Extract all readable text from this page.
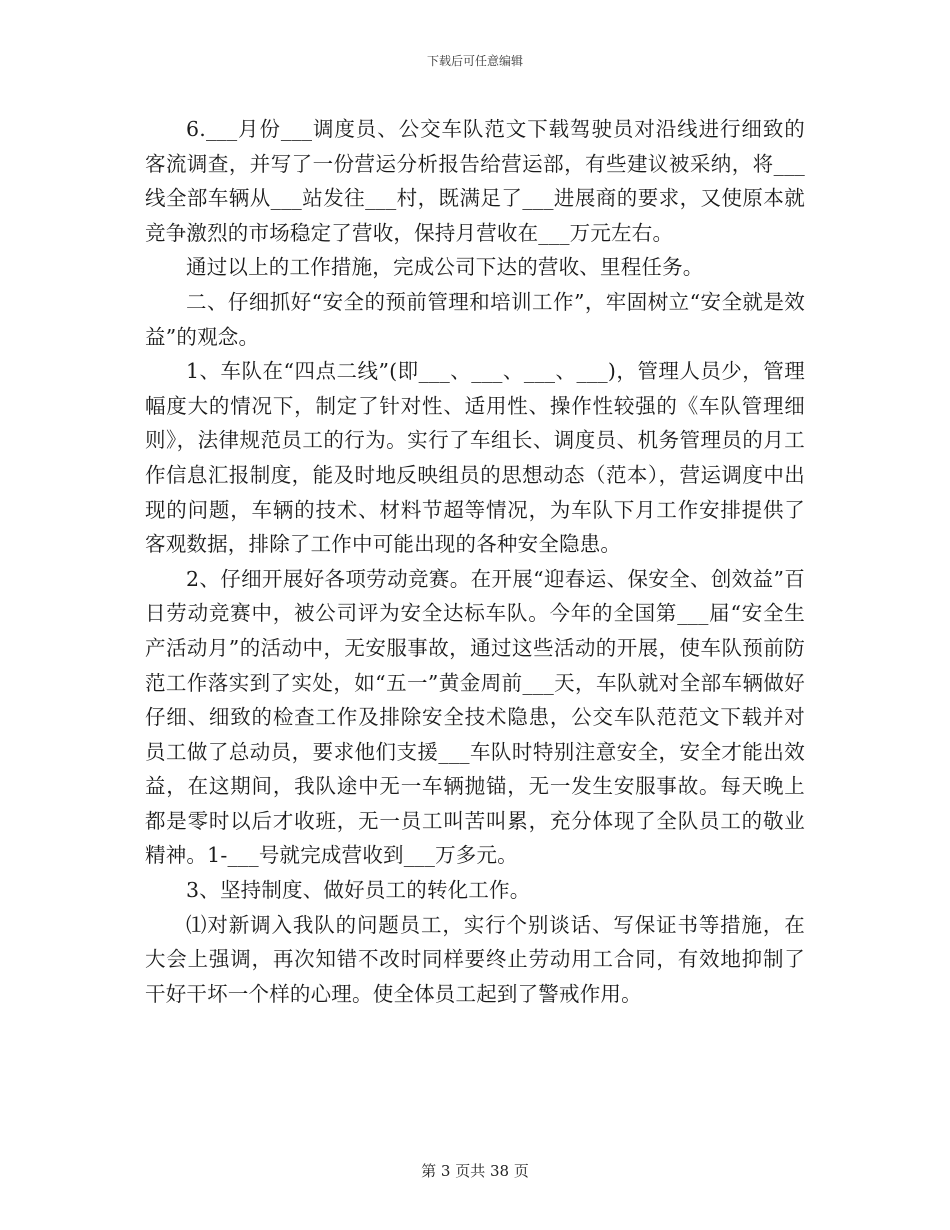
下载后可任意编辑

6.___月份___调度员、公交车队范文下载驾驶员对沿线进行细致的客流调查，并写了一份营运分析报告给营运部，有些建议被采纳，将___线全部车辆从___站发往___村，既满足了___进展商的要求，又使原本就竞争激烈的市场稳定了营收，保持月营收在___万元左右。

通过以上的工作措施，完成公司下达的营收、里程任务。

二、仔细抓好“安全的预前管理和培训工作”，牢固树立“安全就是效益”的观念。

1、车队在“四点二线”(即___、___、___、___)，管理人员少，管理幅度大的情况下，制定了针对性、适用性、操作性较强的《车队管理细则》，法律规范员工的行为。实行了车组长、调度员、机务管理员的月工作信息汇报制度，能及时地反映组员的思想动态（范本），营运调度中出现的问题，车辆的技术、材料节超等情况，为车队下月工作安排提供了客观数据，排除了工作中可能出现的各种安全隐患。

2、仔细开展好各项劳动竞赛。在开展“迎春运、保安全、创效益”百日劳动竞赛中，被公司评为安全达标车队。今年的全国第___届“安全生产活动月”的活动中，无安服事故，通过这些活动的开展，使车队预前防范工作落实到了实处，如“五一”黄金周前___天，车队就对全部车辆做好仔细、细致的检查工作及排除安全技术隐患，公交车队范范文下载并对员工做了总动员，要求他们支援___车队时特别注意安全，安全才能出效益，在这期间，我队途中无一车辆抛锚，无一发生安服事故。每天晚上都是零时以后才收班，无一员工叫苦叫累，充分体现了全队员工的敬业精神。1-___号就完成营收到___万多元。

3、坚持制度、做好员工的转化工作。

⑴对新调入我队的问题员工，实行个别谈话、写保证书等措施，在大会上强调，再次知错不改时同样要终止劳动用工合同，有效地抑制了干好干坏一个样的心理。使全体员工起到了警戒作用。

第 3 页共 38 页
